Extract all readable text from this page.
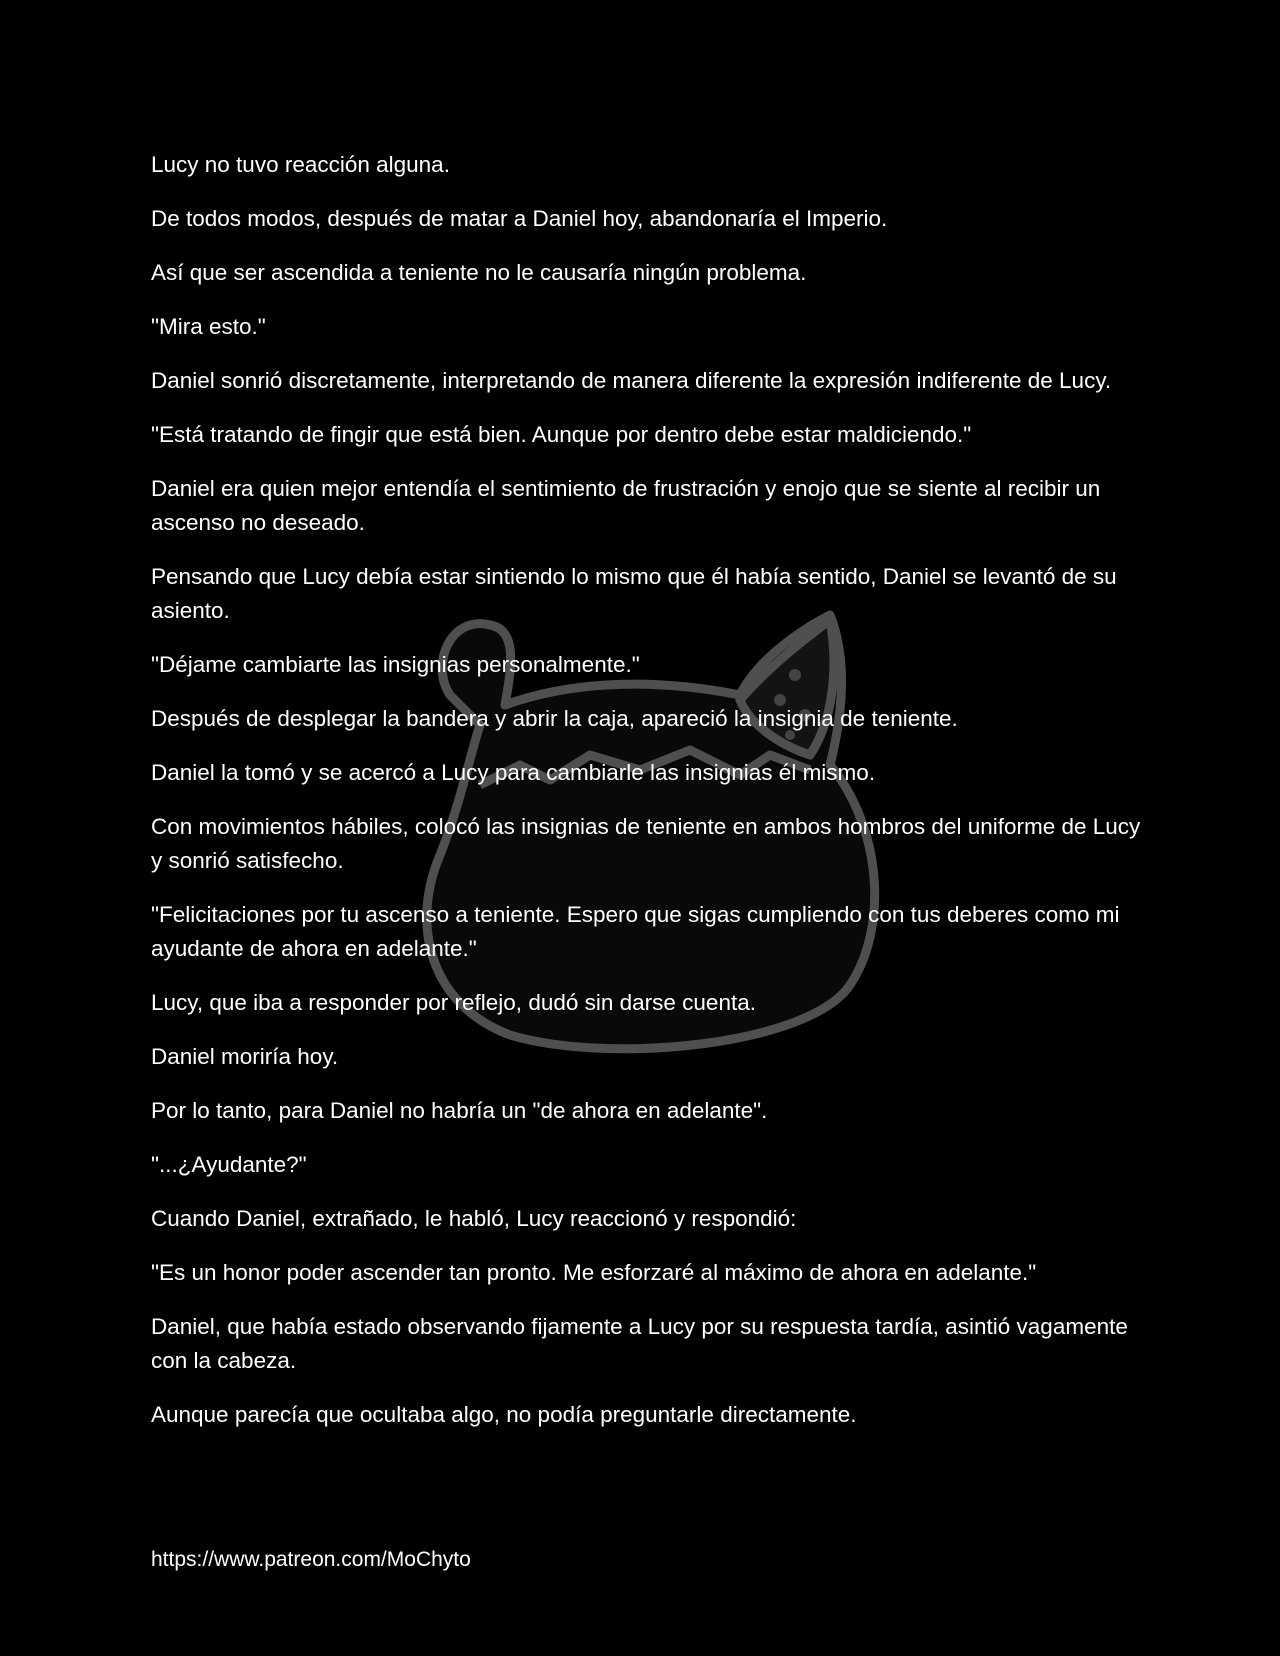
Lucy no tuvo reacción alguna.

De todos modos, después de matar a Daniel hoy, abandonaría el Imperio.

Así que ser ascendida a teniente no le causaría ningún problema.

"Mira esto."

Daniel sonrió discretamente, interpretando de manera diferente la expresión indiferente de Lucy.

"Está tratando de fingir que está bien. Aunque por dentro debe estar maldiciendo."

Daniel era quien mejor entendía el sentimiento de frustración y enojo que se siente al recibir un ascenso no deseado.

Pensando que Lucy debía estar sintiendo lo mismo que él había sentido, Daniel se levantó de su asiento.

"Déjame cambiarte las insignias personalmente."

Después de desplegar la bandera y abrir la caja, apareció la insignia de teniente.

Daniel la tomó y se acercó a Lucy para cambiarle las insignias él mismo.

Con movimientos hábiles, colocó las insignias de teniente en ambos hombros del uniforme de Lucy y sonrió satisfecho.

"Felicitaciones por tu ascenso a teniente. Espero que sigas cumpliendo con tus deberes como mi ayudante de ahora en adelante."

Lucy, que iba a responder por reflejo, dudó sin darse cuenta.

Daniel moriría hoy.

Por lo tanto, para Daniel no habría un "de ahora en adelante".

"...¿Ayudante?"

Cuando Daniel, extrañado, le habló, Lucy reaccionó y respondió:

"Es un honor poder ascender tan pronto. Me esforzaré al máximo de ahora en adelante."

Daniel, que había estado observando fijamente a Lucy por su respuesta tardía, asintió vagamente con la cabeza.

Aunque parecía que ocultaba algo, no podía preguntarle directamente.

https://www.patreon.com/MoChyto
